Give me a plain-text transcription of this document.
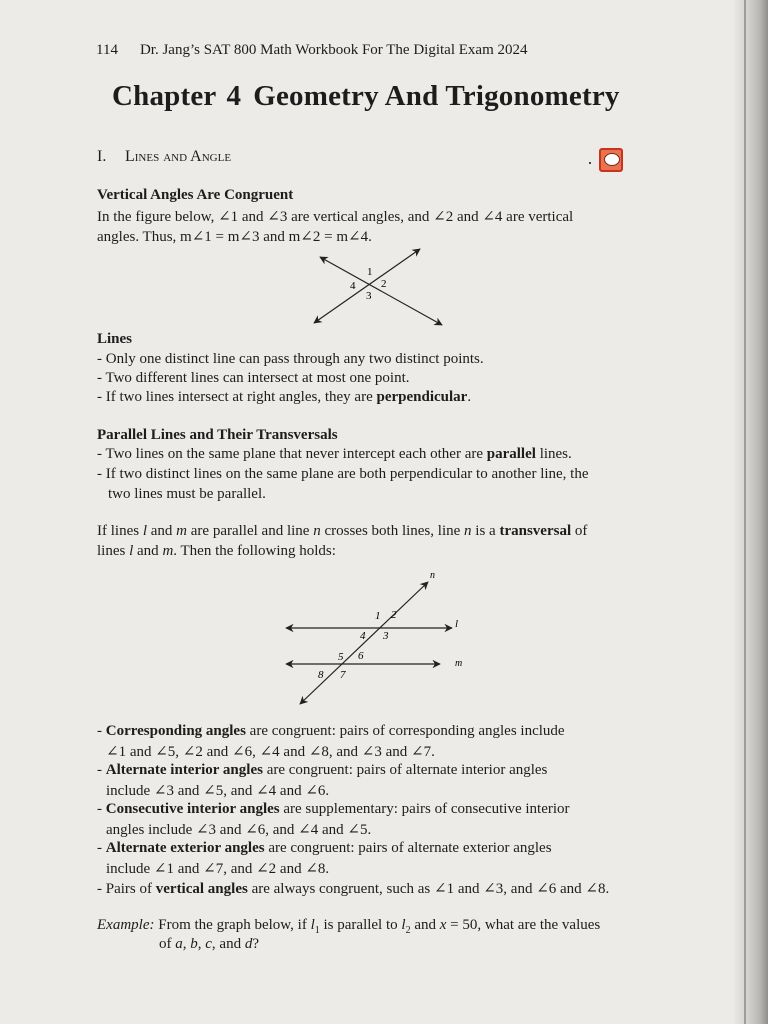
114 Dr. Jang’s SAT 800 Math Workbook For The Digital Exam 2024
Chapter 4 Geometry And Trigonometry
I. Lines and Angle
Vertical Angles Are Congruent
In the figure below, ∠1 and ∠3 are vertical angles, and ∠2 and ∠4 are vertical
angles. Thus, m∠1 = m∠3 and m∠2 = m∠4.
1
2
3
4
Lines
- Only one distinct line can pass through any two distinct points.
- Two different lines can intersect at most one point.
- If two lines intersect at right angles, they are perpendicular.
Parallel Lines and Their Transversals
- Two lines on the same plane that never intercept each other are parallel lines.
- If two distinct lines on the same plane are both perpendicular to another line, the
two lines must be parallel.
If lines l and m are parallel and line n crosses both lines, line n is a transversal of
lines l and m. Then the following holds:
n
l
m
1 2
3
4
5 6
7
8
- Corresponding angles are congruent: pairs of corresponding angles include
∠1 and ∠5, ∠2 and ∠6, ∠4 and ∠8, and ∠3 and ∠7.
- Alternate interior angles are congruent: pairs of alternate interior angles
include ∠3 and ∠5, and ∠4 and ∠6.
- Consecutive interior angles are supplementary: pairs of consecutive interior
angles include ∠3 and ∠6, and ∠4 and ∠5.
- Alternate exterior angles are congruent: pairs of alternate exterior angles
include ∠1 and ∠7, and ∠2 and ∠8.
- Pairs of vertical angles are always congruent, such as ∠1 and ∠3, and ∠6 and ∠8.
Example: From the graph below, if $l_1$ is parallel to $l_2$ and x = 50, what are the values
of a, b, c, and d?
